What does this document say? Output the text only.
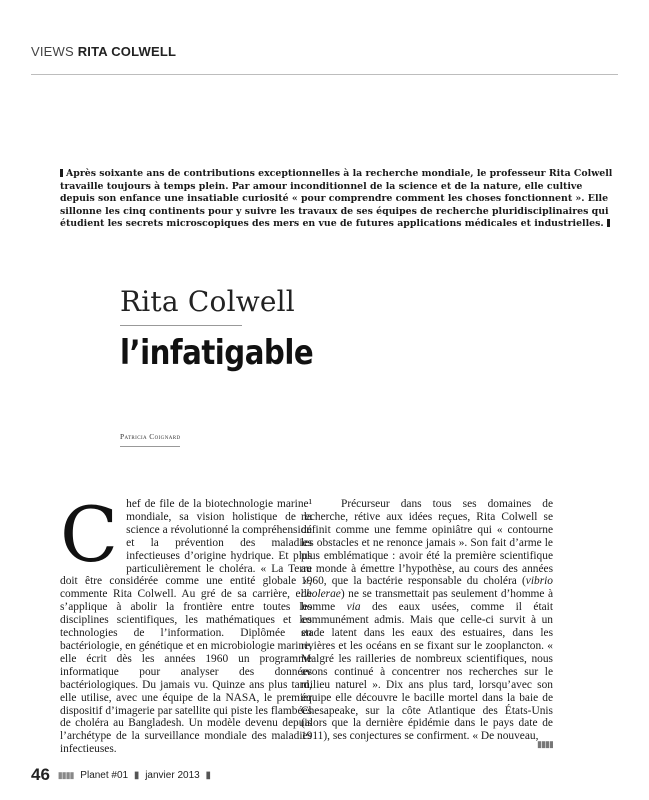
VIEWS RITA COLWELL
Après soixante ans de contributions exceptionnelles à la recherche mondiale, le professeur Rita Colwell travaille toujours à temps plein. Par amour inconditionnel de la science et de la nature, elle cultive depuis son enfance une insatiable curiosité « pour comprendre comment les choses fonctionnent ». Elle sillonne les cinq continents pour y suivre les travaux de ses équipes de recherche pluridisciplinaires qui étudient les secrets microscopiques des mers en vue de futures applications médicales et industrielles.
Rita Colwell
l’infatigable
Patricia Coignard
Chef de file de la biotechnologie marine¹ mondiale, sa vision holistique de la science a révolutionné la compréhension et la prévention des maladies infectieuses d’origine hydrique. Et plus particulièrement le choléra. « La Terre doit être considérée comme une entité globale », commente Rita Colwell. Au gré de sa carrière, elle s’applique à abolir la frontière entre toutes les disciplines scientifiques, les mathématiques et les technologies de l’information. Diplômée en bactériologie, en génétique et en microbiologie marine, elle écrit dès les années 1960 un programme informatique pour analyser des données bactériologiques. Du jamais vu. Quinze ans plus tard, elle utilise, avec une équipe de la NASA, le premier dispositif d’imagerie par satellite qui piste les flambées de choléra au Bangladesh. Un modèle devenu depuis l’archétype de la surveillance mondiale des maladies infectieuses.
Précurseur dans tous ses domaines de recherche, rétive aux idées reçues, Rita Colwell se définit comme une femme opiniâtre qui « contourne les obstacles et ne renonce jamais ». Son fait d’arme le plus emblématique : avoir été la première scientifique au monde à émettre l’hypothèse, au cours des années 1960, que la bactérie responsable du choléra (vibrio cholerae) ne se transmettait pas seulement d’homme à homme via des eaux usées, comme il était communément admis. Mais que celle-ci survit à un stade latent dans les eaux des estuaires, dans les rivières et les océans en se fixant sur le zooplancton. « Malgré les railleries de nombreux scientifiques, nous avons continué à concentrer nos recherches sur le milieu naturel ». Dix ans plus tard, lorsqu’avec son équipe elle découvre le bacille mortel dans la baie de Chesapeake, sur la côte Atlantique des États-Unis (alors que la dernière épidémie dans le pays date de 1911), ses conjectures se confirment. « De nouveau,
▮▮▮▮
46 ▮▮▮▮ Planet #01 ▮ janvier 2013 ▮
